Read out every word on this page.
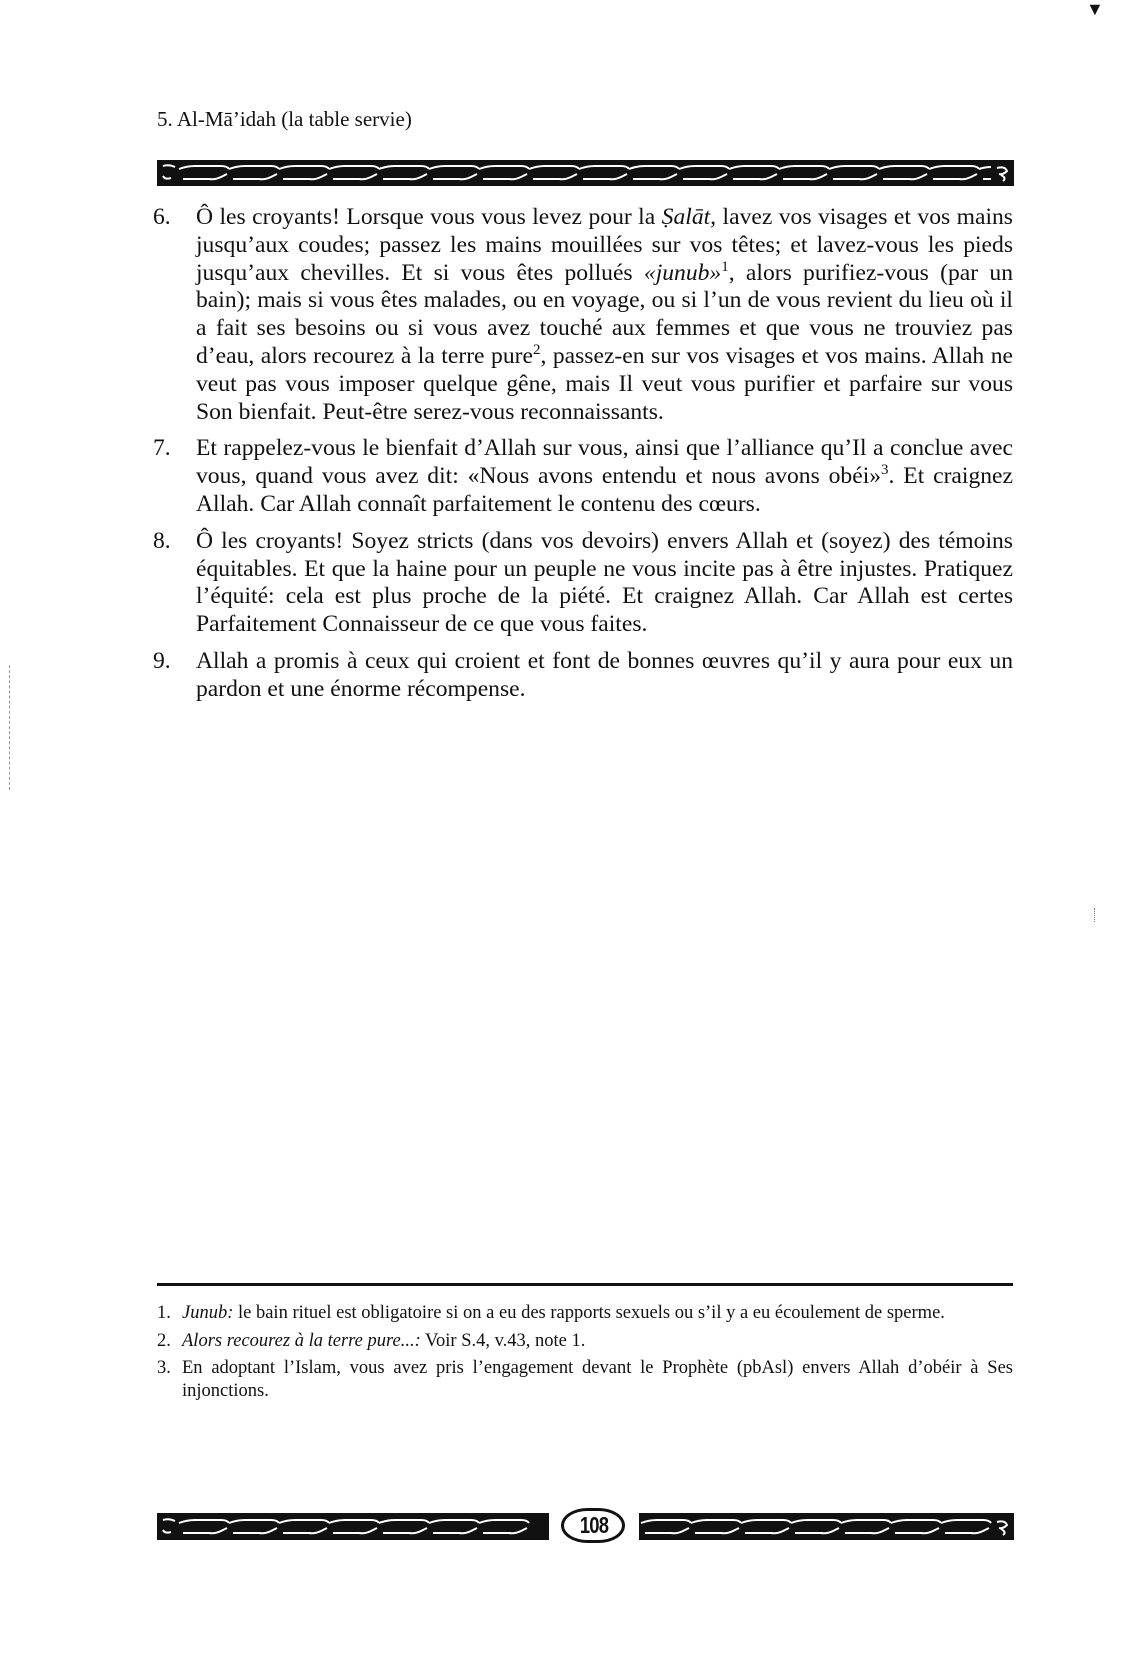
▼
5. Al-Mā’idah (la table servie)
6. Ô les croyants! Lorsque vous vous levez pour la Ṣalāt, lavez vos visages et vos mains jusqu’aux coudes; passez les mains mouillées sur vos têtes; et lavez-vous les pieds jusqu’aux chevilles. Et si vous êtes pollués «junub»$^1$, alors purifiez-vous (par un bain); mais si vous êtes malades, ou en voyage, ou si l’un de vous revient du lieu où il a fait ses besoins ou si vous avez touché aux femmes et que vous ne trouviez pas d’eau, alors recourez à la terre pure$^2$, passez-en sur vos visages et vos mains. Allah ne veut pas vous imposer quelque gêne, mais Il veut vous purifier et parfaire sur vous Son bienfait. Peut-être serez-vous reconnaissants.
7. Et rappelez-vous le bienfait d’Allah sur vous, ainsi que l’alliance qu’Il a conclue avec vous, quand vous avez dit: «Nous avons entendu et nous avons obéi»$^3$. Et craignez Allah. Car Allah connaît parfaitement le contenu des cœurs.
8. Ô les croyants! Soyez stricts (dans vos devoirs) envers Allah et (soyez) des témoins équitables. Et que la haine pour un peuple ne vous incite pas à être injustes. Pratiquez l’équité: cela est plus proche de la piété. Et craignez Allah. Car Allah est certes Parfaitement Connaisseur de ce que vous faites.
9. Allah a promis à ceux qui croient et font de bonnes œuvres qu’il y aura pour eux un pardon et une énorme récompense.
1. Junub: le bain rituel est obligatoire si on a eu des rapports sexuels ou s’il y a eu écoulement de sperme.
2. Alors recourez à la terre pure...: Voir S.4, v.43, note 1.
3. En adoptant l’Islam, vous avez pris l’engagement devant le Prophète (pbAsl) envers Allah d’obéir à Ses injonctions.
108
